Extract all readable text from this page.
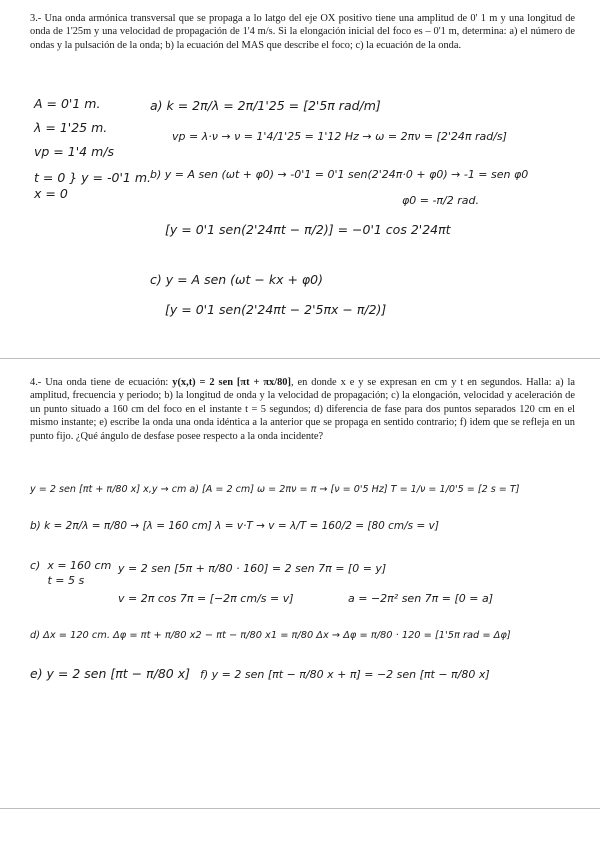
3.- Una onda armónica transversal que se propaga a lo latgo del eje OX positivo tiene una amplitud de 0' 1 m y una longitud de onda de 1'25m y una velocidad de propagación de 1'4 m/s. Si la elongación inicial del foco es – 0'1 m, determina: a) el número de ondas y la pulsación de la onda; b) la ecuación del MAS que describe el foco; c) la ecuación de la onda.
A = 0'1 m.
λ = 1'25 m.
vp = 1'4 m/s
t = 0 } y = -0'1 m.
x = 0
a) k = 2π/λ = 2π/1'25 = [2'5π rad/m]
vp = λ·ν → ν = 1'4/1'25 = 1'12 Hz → ω = 2πν = [2'24π rad/s]
b) y = A sen (ωt + φ0) → -0'1 = 0'1 sen(2'24π·0 + φ0) → -1 = sen φ0
φ0 = -π/2 rad.
[y = 0'1 sen(2'24πt − π/2)] = −0'1 cos 2'24πt
c) y = A sen (ωt − kx + φ0)
[y = 0'1 sen(2'24πt − 2'5πx − π/2)]
4.- Una onda tiene de ecuación: y(x,t) = 2 sen [πt + πx/80], en donde x e y se expresan en cm y t en segundos. Halla: a) la amplitud, frecuencia y periodo; b) la longitud de onda y la velocidad de propagación; c) la elongación, velocidad y aceleración de un punto situado a 160 cm del foco en el instante t = 5 segundos; d) diferencia de fase para dos puntos separados 120 cm en el mismo instante; e) escribe la onda una onda idéntica a la anterior que se propaga en sentido contrario; f) idem que se refleja en un punto fijo. ¿Qué ángulo de desfase posee respecto a la onda incidente?
y = 2 sen [πt + π/80 x] x,y → cm a) [A = 2 cm] ω = 2πν = π → [ν = 0'5 Hz] T = 1/ν = 1/0'5 = [2 s = T]
b) k = 2π/λ = π/80 → [λ = 160 cm] λ = v·T → v = λ/T = 160/2 = [80 cm/s = v]
c)  x = 160 cm
t = 5 s
y = 2 sen [5π + π/80 · 160] = 2 sen 7π = [0 = y]
v = 2π cos 7π = [−2π cm/s = v]	a = −2π² sen 7π = [0 = a]
d) Δx = 120 cm. Δφ = πt + π/80 x2 − πt − π/80 x1 = π/80 Δx → Δφ = π/80 · 120 = [1'5π rad = Δφ]
e) y = 2 sen [πt − π/80 x] f) y = 2 sen [πt − π/80 x + π] = −2 sen [πt − π/80 x]
